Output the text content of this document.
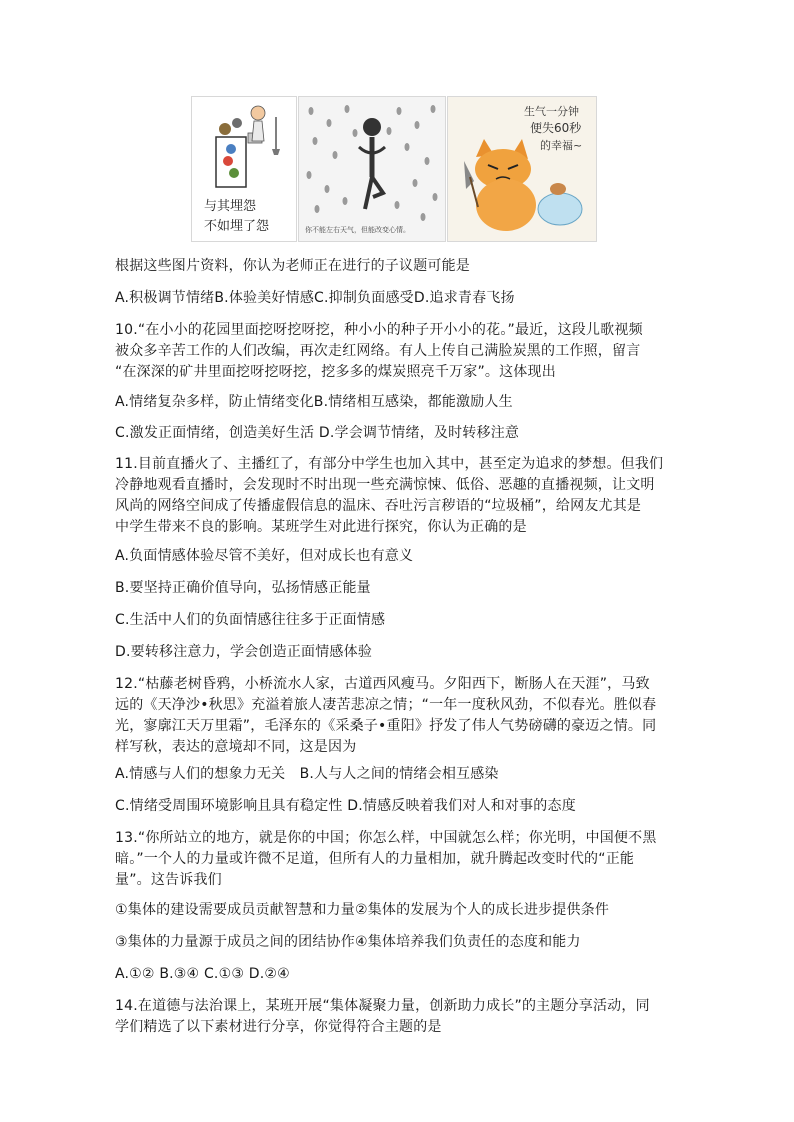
与其埋怨
不如埋了怨	你不能左右天气，但能改变心情。
生气一分钟
便失60秒
的幸福~

根据这些图片资料，你认为老师正在进行的子议题可能是

A.积极调节情绪B.体验美好情感C.抑制负面感受D.追求青春飞扬

10.“在小小的花园里面挖呀挖呀挖，种小小的种子开小小的花。”最近，这段儿歌视频

被众多辛苦工作的人们改编，再次走红网络。有人上传自己满脸炭黑的工作照，留言

“在深深的矿井里面挖呀挖呀挖，挖多多的煤炭照亮千万家”。这体现出

A.情绪复杂多样，防止情绪变化B.情绪相互感染，都能激励人生

C.激发正面情绪，创造美好生活 D.学会调节情绪，及时转移注意

11.目前直播火了、主播红了，有部分中学生也加入其中，甚至定为追求的梦想。但我们

冷静地观看直播时，会发现时不时出现一些充满惊悚、低俗、恶趣的直播视频，让文明

风尚的网络空间成了传播虚假信息的温床、吞吐污言秽语的“垃圾桶”，给网友尤其是

中学生带来不良的影响。某班学生对此进行探究，你认为正确的是

A.负面情感体验尽管不美好，但对成长也有意义

B.要坚持正确价值导向，弘扬情感正能量

C.生活中人们的负面情感往往多于正面情感

D.要转移注意力，学会创造正面情感体验

12.“枯藤老树昏鸦，小桥流水人家，古道西风瘦马。夕阳西下，断肠人在天涯”，马致

远的《天净沙•秋思》充溢着旅人凄苦悲凉之情；“一年一度秋风劲，不似春光。胜似春

光，寥廓江天万里霜”，毛泽东的《采桑子•重阳》抒发了伟人气势磅礴的豪迈之情。同

样写秋，表达的意境却不同，这是因为

A.情感与人们的想象力无关　B.人与人之间的情绪会相互感染

C.情绪受周围环境影响且具有稳定性 D.情感反映着我们对人和对事的态度

13.“你所站立的地方，就是你的中国；你怎么样，中国就怎么样；你光明，中国便不黑

暗。”一个人的力量或许微不足道，但所有人的力量相加，就升腾起改变时代的“正能

量”。这告诉我们

①集体的建设需要成员贡献智慧和力量②集体的发展为个人的成长进步提供条件

③集体的力量源于成员之间的团结协作④集体培养我们负责任的态度和能力

A.①② B.③④ C.①③ D.②④

14.在道德与法治课上，某班开展“集体凝聚力量，创新助力成长”的主题分享活动，同

学们精选了以下素材进行分享，你觉得符合主题的是
